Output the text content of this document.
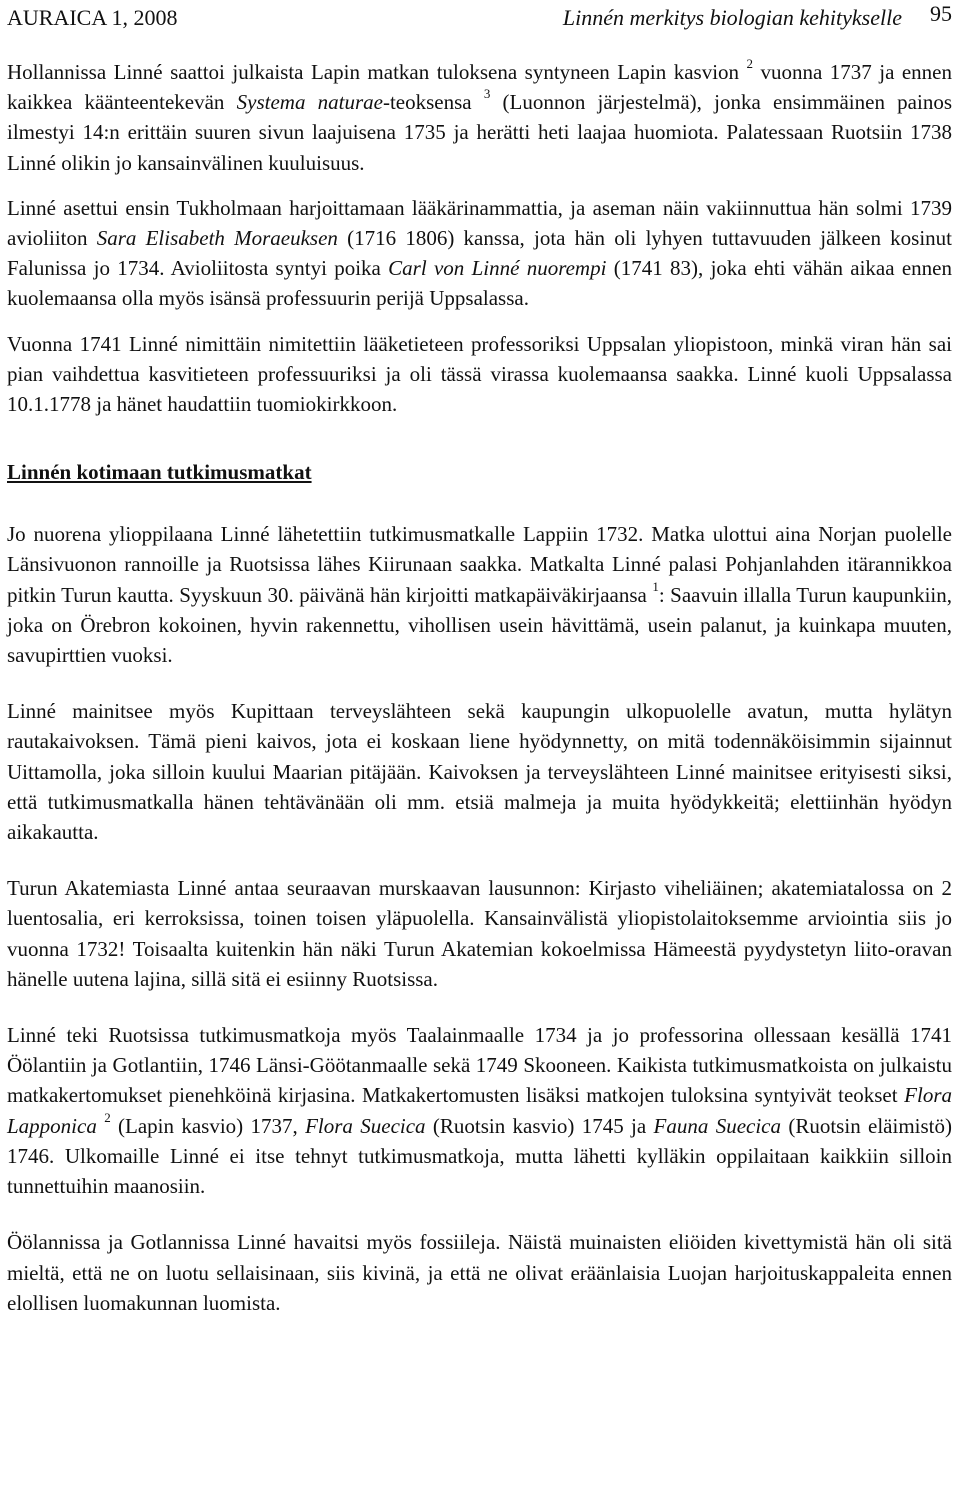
AURAICA 1, 2008	Linnén merkitys biologian kehitykselle 95

Hollannissa Linné saattoi julkaista Lapin matkan tuloksena syntyneen Lapin kasvion $^2$ vuonna 1737 ja ennen kaikkea käänteentekevän Systema naturae-teoksensa $^3$ (Luonnon järjestelmä), jonka ensimmäinen painos ilmestyi 14:n erittäin suuren sivun laajuisena 1735 ja herätti heti laajaa huomiota. Palatessaan Ruotsiin 1738 Linné olikin jo kansainvälinen kuuluisuus.

Linné asettui ensin Tukholmaan harjoittamaan lääkärinammattia, ja aseman näin vakiinnuttua hän solmi 1739 avioliiton Sara Elisabeth Moraeuksen (1716 1806) kanssa, jota hän oli lyhyen tuttavuuden jälkeen kosinut Falunissa jo 1734. Avioliitosta syntyi poika Carl von Linné nuorempi (1741 83), joka ehti vähän aikaa ennen kuolemaansa olla myös isänsä professuurin perijä Uppsalassa.

Vuonna 1741 Linné nimittäin nimitettiin lääketieteen professoriksi Uppsalan yliopistoon, minkä viran hän sai pian vaihdettua kasvitieteen professuuriksi ja oli tässä virassa kuolemaansa saakka. Linné kuoli Uppsalassa 10.1.1778 ja hänet haudattiin tuomiokirkkoon.

Linnén kotimaan tutkimusmatkat

Jo nuorena ylioppilaana Linné lähetettiin tutkimusmatkalle Lappiin 1732. Matka ulottui aina Norjan puolelle Länsivuonon rannoille ja Ruotsissa lähes Kiirunaan saakka. Matkalta Linné palasi Pohjanlahden itärannikkoa pitkin Turun kautta. Syyskuun 30. päivänä hän kirjoitti matkapäiväkirjaansa $^1$: Saavuin illalla Turun kaupunkiin, joka on Örebron kokoinen, hyvin rakennettu, vihollisen usein hävittämä, usein palanut, ja kuinkapa muuten, savupirttien vuoksi.

Linné mainitsee myös Kupittaan terveyslähteen sekä kaupungin ulkopuolelle avatun, mutta hylätyn rautakaivoksen. Tämä pieni kaivos, jota ei koskaan liene hyödynnetty, on mitä todennäköisimmin sijainnut Uittamolla, joka silloin kuului Maarian pitäjään. Kaivoksen ja terveyslähteen Linné mainitsee erityisesti siksi, että tutkimusmatkalla hänen tehtävänään oli mm. etsiä malmeja ja muita hyödykkeitä; elettiinhän hyödyn aikakautta.

Turun Akatemiasta Linné antaa seuraavan murskaavan lausunnon: Kirjasto viheliäinen; akatemiatalossa on 2 luentosalia, eri kerroksissa, toinen toisen yläpuolella. Kansainvälistä yliopistolaitoksemme arviointia siis jo vuonna 1732! Toisaalta kuitenkin hän näki Turun Akatemian kokoelmissa Hämeestä pyydystetyn liito-oravan hänelle uutena lajina, sillä sitä ei esiinny Ruotsissa.

Linné teki Ruotsissa tutkimusmatkoja myös Taalainmaalle 1734 ja jo professorina ollessaan kesällä 1741 Öölantiin ja Gotlantiin, 1746 Länsi-Göötanmaalle sekä 1749 Skooneen. Kaikista tutkimusmatkoista on julkaistu matkakertomukset pienehköinä kirjasina. Matkakertomusten lisäksi matkojen tuloksina syntyivät teokset Flora Lapponica $^2$ (Lapin kasvio) 1737, Flora Suecica (Ruotsin kasvio) 1745 ja Fauna Suecica (Ruotsin eläimistö) 1746. Ulkomaille Linné ei itse tehnyt tutkimusmatkoja, mutta lähetti kylläkin oppilaitaan kaikkiin silloin tunnettuihin maanosiin.

Öölannissa ja Gotlannissa Linné havaitsi myös fossiileja. Näistä muinaisten eliöiden kivettymistä hän oli sitä mieltä, että ne on luotu sellaisinaan, siis kivinä, ja että ne olivat eräänlaisia Luojan harjoituskappaleita ennen elollisen luomakunnan luomista.
